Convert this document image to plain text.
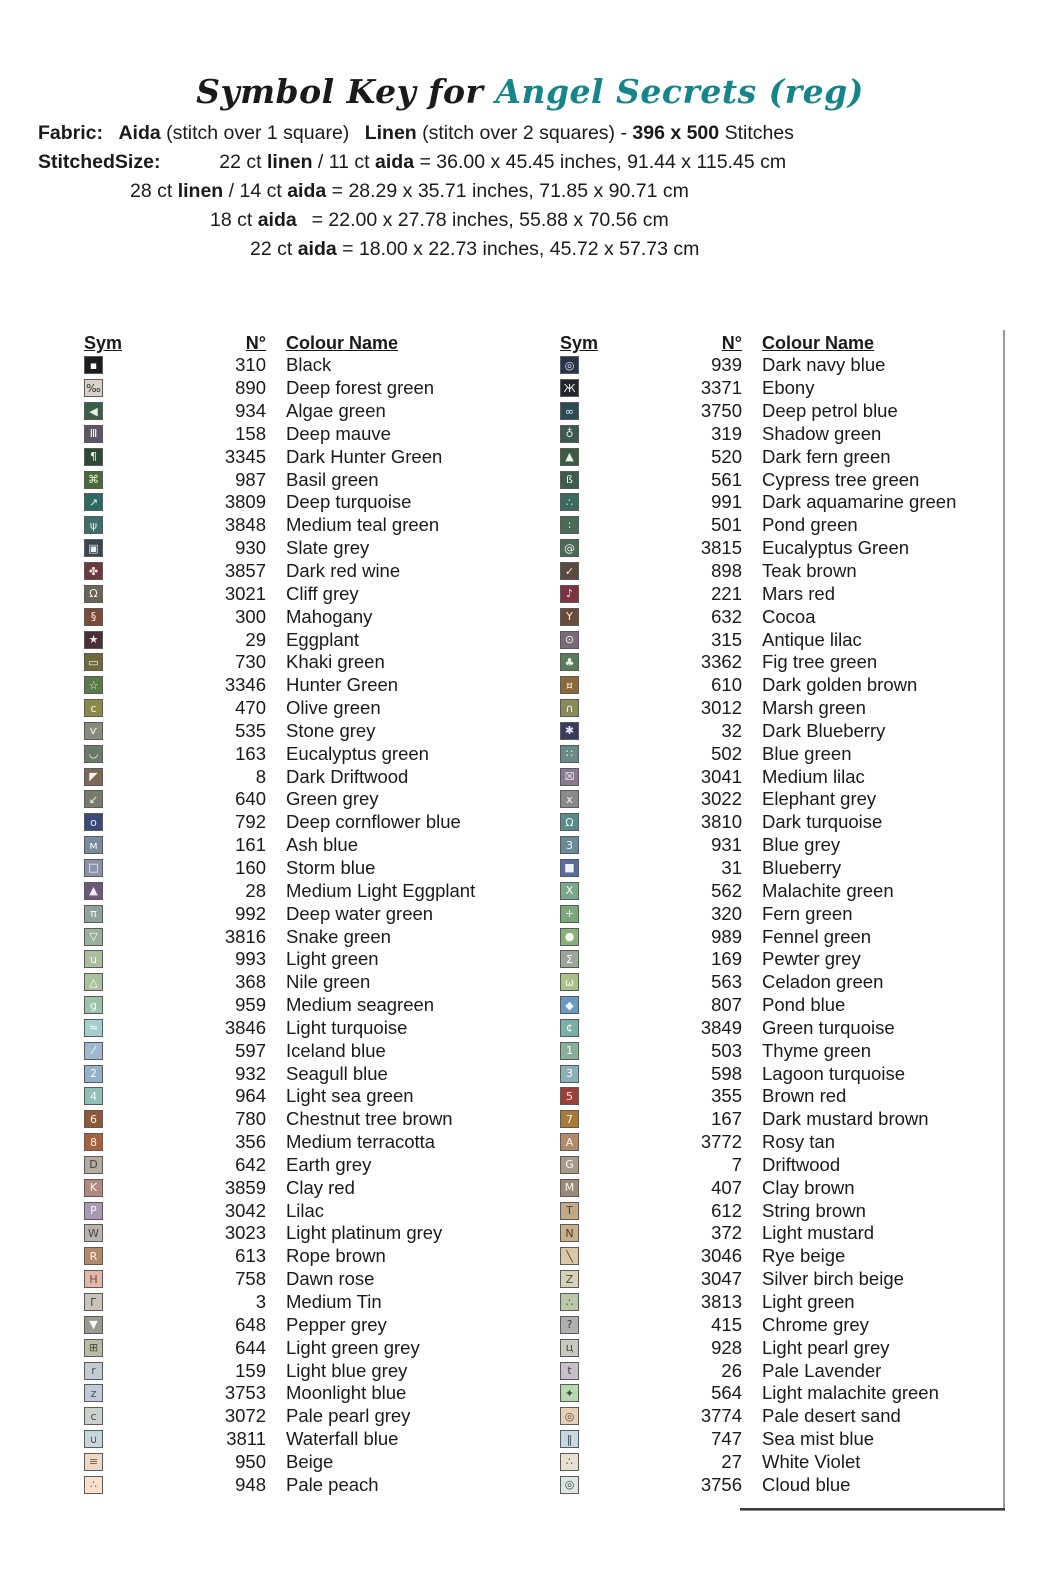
Symbol Key for Angel Secrets (reg)
Fabric: Aida (stitch over 1 square) Linen (stitch over 2 squares) - 396 x 500 Stitches
StitchedSize:	22 ct linen / 11 ct aida = 36.00 x 45.45 inches, 91.44 x 115.45 cm
28 ct linen / 14 ct aida = 28.29 x 35.71 inches, 71.85 x 90.71 cm
18 ct aida = 22.00 x 27.78 inches, 55.88 x 70.56 cm
22 ct aida = 18.00 x 22.73 inches, 45.72 x 57.73 cm
Sym	N°	Colour Name
▪	310	Black
‰	890	Deep forest green
◀	934	Algae green
Ⅲ	158	Deep mauve
¶	3345	Dark Hunter Green
⌘	987	Basil green
↗	3809	Deep turquoise
ψ	3848	Medium teal green
▣	930	Slate grey
✤	3857	Dark red wine
Ω	3021	Cliff grey
§	300	Mahogany
★	29	Eggplant
▭	730	Khaki green
☆	3346	Hunter Green
c	470	Olive green
ѵ	535	Stone grey
◡	163	Eucalyptus green
◤	8	Dark Driftwood
↙	640	Green grey
o	792	Deep cornflower blue
м	161	Ash blue
□	160	Storm blue
▲	28	Medium Light Eggplant
π	992	Deep water green
▽	3816	Snake green
u	993	Light green
△	368	Nile green
g	959	Medium seagreen
≈	3846	Light turquoise
⁄	597	Iceland blue
2	932	Seagull blue
4	964	Light sea green
6	780	Chestnut tree brown
8	356	Medium terracotta
D	642	Earth grey
K	3859	Clay red
P	3042	Lilac
W	3023	Light platinum grey
R	613	Rope brown
H	758	Dawn rose
Г	3	Medium Tin
▼	648	Pepper grey
⊞	644	Light green grey
r	159	Light blue grey
z	3753	Moonlight blue
c	3072	Pale pearl grey
∪	3811	Waterfall blue
≡	950	Beige
∴	948	Pale peach
Sym	N°	Colour Name
◎	939	Dark navy blue
Ж	3371	Ebony
∞	3750	Deep petrol blue
♁	319	Shadow green
▲	520	Dark fern green
ß	561	Cypress tree green
∴	991	Dark aquamarine green
∶	501	Pond green
@	3815	Eucalyptus Green
✓	898	Teak brown
♪	221	Mars red
Y	632	Cocoa
⊙	315	Antique lilac
♣	3362	Fig tree green
¤	610	Dark golden brown
∩	3012	Marsh green
✱	32	Dark Blueberry
∷	502	Blue green
☒	3041	Medium lilac
x	3022	Elephant grey
Ω	3810	Dark turquoise
3	931	Blue grey
■	31	Blueberry
X	562	Malachite green
+	320	Fern green
●	989	Fennel green
Σ	169	Pewter grey
ω	563	Celadon green
◆	807	Pond blue
¢	3849	Green turquoise
1	503	Thyme green
3	598	Lagoon turquoise
5	355	Brown red
7	167	Dark mustard brown
A	3772	Rosy tan
G	7	Driftwood
M	407	Clay brown
T	612	String brown
N	372	Light mustard
╲	3046	Rye beige
Z	3047	Silver birch beige
∴	3813	Light green
?	415	Chrome grey
ц	928	Light pearl grey
t	26	Pale Lavender
✦	564	Light malachite green
◎	3774	Pale desert sand
‖	747	Sea mist blue
∴	27	White Violet
◎	3756	Cloud blue
